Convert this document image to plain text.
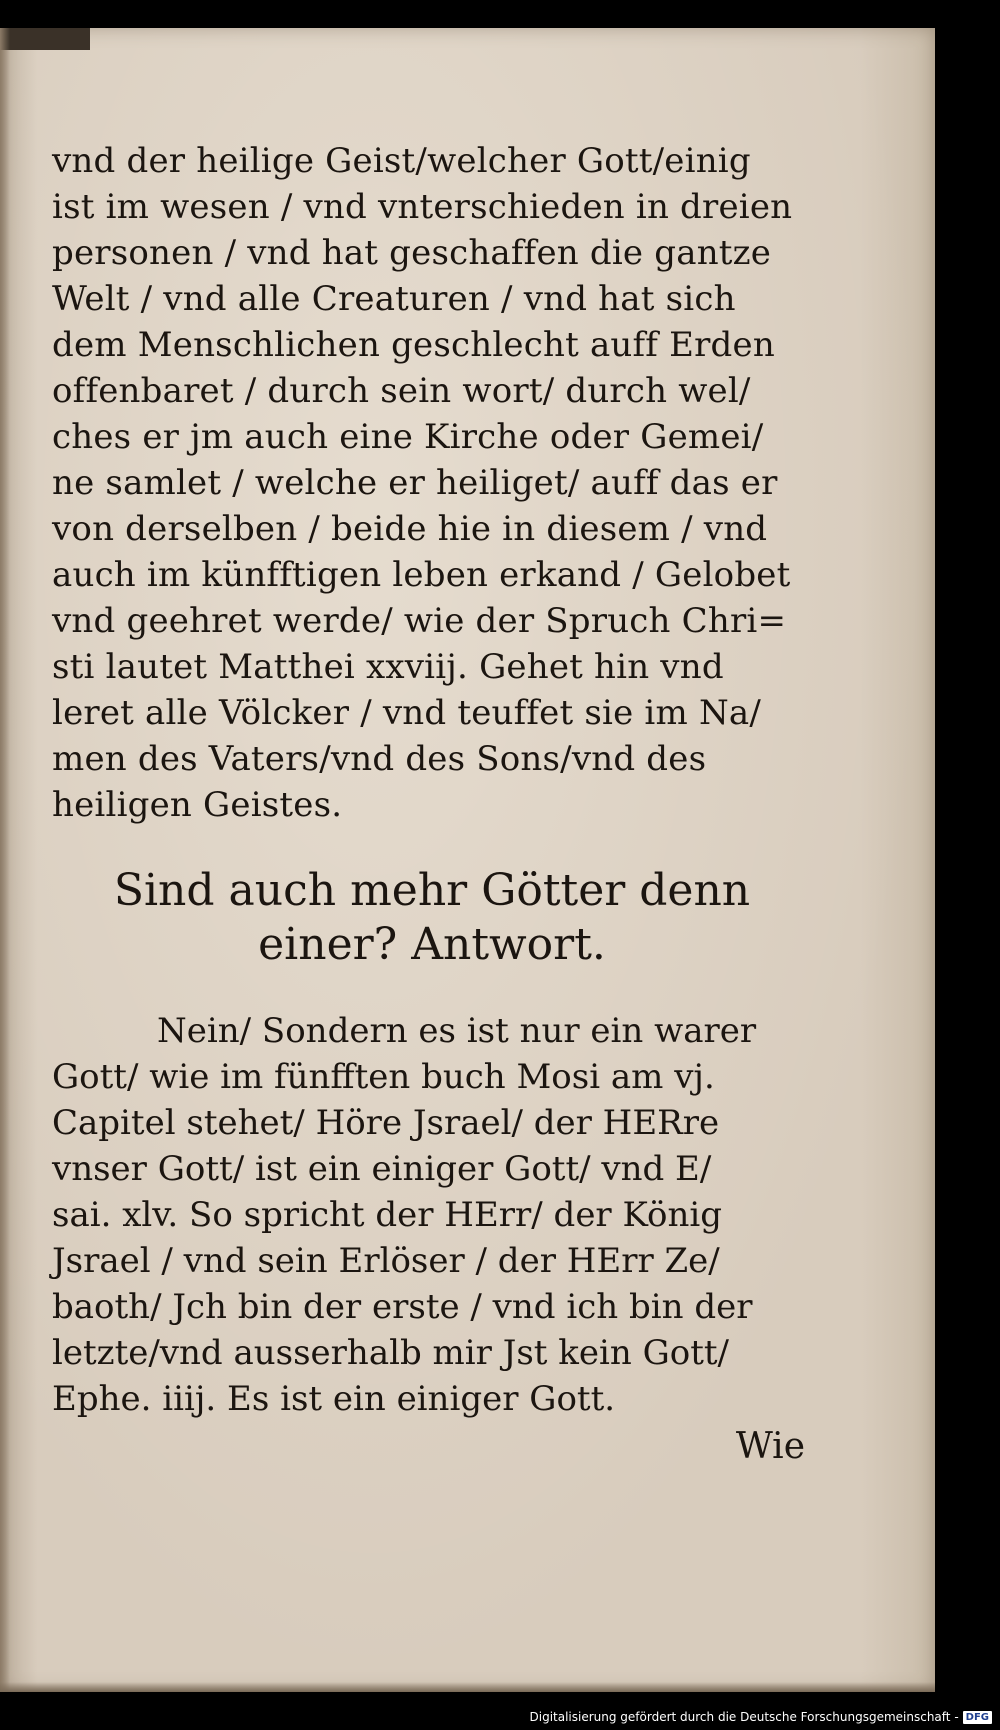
vnd der heilige Geist/welcher Gott/einig
ist im wesen / vnd vnterschieden in dreien
personen / vnd hat geschaffen die gantze
Welt / vnd alle Creaturen / vnd hat sich
dem Menschlichen geschlecht auff Erden
offenbaret / durch sein wort/ durch wel/
ches er jm auch eine Kirche oder Gemei/
ne samlet / welche er heiliget/ auff das er
von derselben / beide hie in diesem / vnd
auch im künfftigen leben erkand / Gelobet
vnd geehret werde/ wie der Spruch Chri=
sti lautet Matthei xxviij. Gehet hin vnd
leret alle Völcker / vnd teuffet sie im Na/
men des Vaters/vnd des Sons/vnd des
heiligen Geistes.
Sind auch mehr Götter denn
einer? Antwort.
Nein/ Sondern es ist nur ein warer
Gott/ wie im fünfften buch Mosi am vj.
Capitel stehet/ Höre Jsrael/ der HERre
vnser Gott/ ist ein einiger Gott/ vnd E/
sai. xlv. So spricht der HErr/ der König
Jsrael / vnd sein Erlöser / der HErr Ze/
baoth/ Jch bin der erste / vnd ich bin der
letzte/vnd ausserhalb mir Jst kein Gott/
Ephe. iiij. Es ist ein einiger Gott.
Wie
Digitalisierung gefördert durch die Deutsche Forschungsgemeinschaft - DFG
